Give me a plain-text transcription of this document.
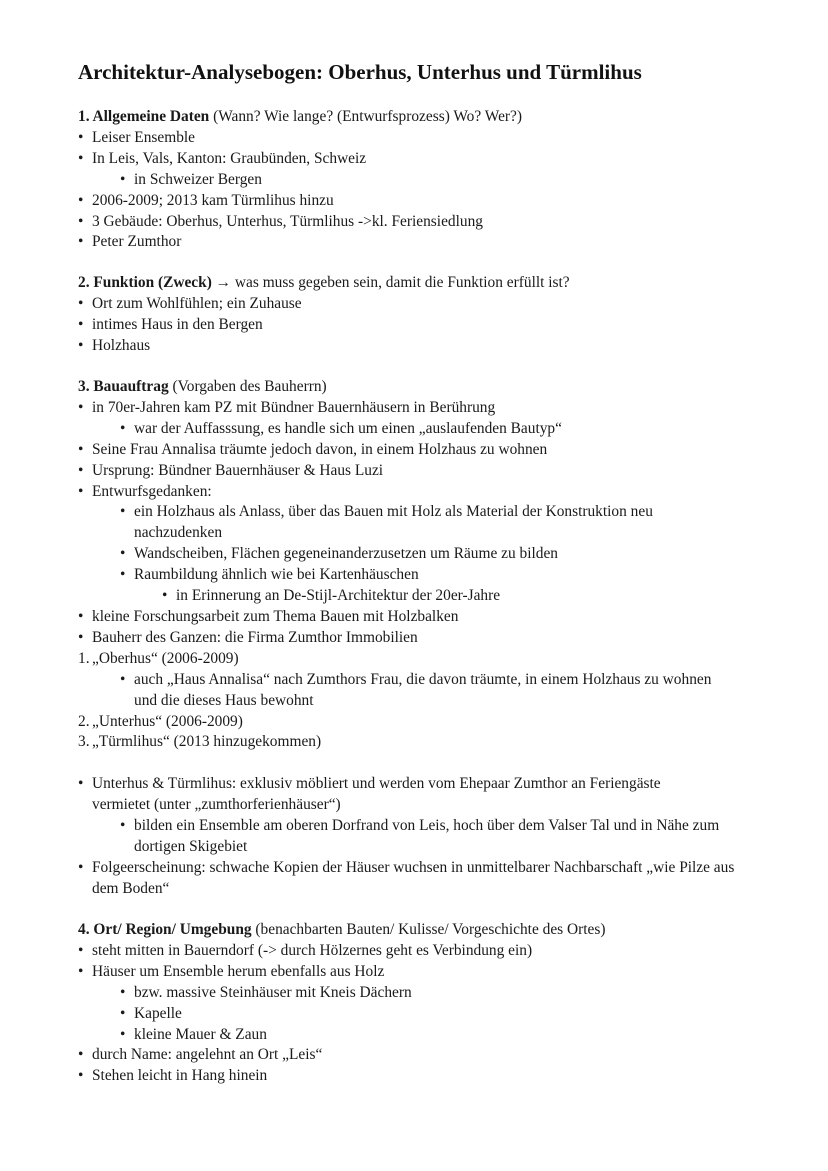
Architektur-Analysebogen: Oberhus, Unterhus und Türmlihus
1. Allgemeine Daten (Wann? Wie lange? (Entwurfsprozess) Wo? Wer?)
• Leiser Ensemble
• In Leis, Vals, Kanton: Graubünden, Schweiz
• in Schweizer Bergen
• 2006-2009; 2013 kam Türmlihus hinzu
• 3 Gebäude: Oberhus, Unterhus, Türmlihus ->kl. Feriensiedlung
• Peter Zumthor
2. Funktion (Zweck) → was muss gegeben sein, damit die Funktion erfüllt ist?
• Ort zum Wohlfühlen; ein Zuhause
• intimes Haus in den Bergen
• Holzhaus
3. Bauauftrag (Vorgaben des Bauherrn)
• in 70er-Jahren kam PZ mit Bündner Bauernhäusern in Berührung
• war der Auffasssung, es handle sich um einen „auslaufenden Bautyp“
• Seine Frau Annalisa träumte jedoch davon, in einem Holzhaus zu wohnen
• Ursprung: Bündner Bauernhäuser & Haus Luzi
• Entwurfsgedanken:
• ein Holzhaus als Anlass, über das Bauen mit Holz als Material der Konstruktion neu nachzudenken
• Wandscheiben, Flächen gegeneinanderzusetzen um Räume zu bilden
• Raumbildung ähnlich wie bei Kartenhäuschen
• in Erinnerung an De-Stijl-Architektur der 20er-Jahre
• kleine Forschungsarbeit zum Thema Bauen mit Holzbalken
• Bauherr des Ganzen: die Firma Zumthor Immobilien
1. „Oberhus“ (2006-2009)
• auch „Haus Annalisa“ nach Zumthors Frau, die davon träumte, in einem Holzhaus zu wohnen und die dieses Haus bewohnt
2. „Unterhus“ (2006-2009)
3. „Türmlihus“ (2013 hinzugekommen)
• Unterhus & Türmlihus: exklusiv möbliert und werden vom Ehepaar Zumthor an Feriengäste vermietet (unter „zumthorferienhäuser“)
• bilden ein Ensemble am oberen Dorfrand von Leis, hoch über dem Valser Tal und in Nähe zum dortigen Skigebiet
• Folgeerscheinung: schwache Kopien der Häuser wuchsen in unmittelbarer Nachbarschaft „wie Pilze aus dem Boden“
4. Ort/ Region/ Umgebung (benachbarten Bauten/ Kulisse/ Vorgeschichte des Ortes)
• steht mitten in Bauerndorf (-> durch Hölzernes geht es Verbindung ein)
• Häuser um Ensemble herum ebenfalls aus Holz
• bzw. massive Steinhäuser mit Kneis Dächern
• Kapelle
• kleine Mauer & Zaun
• durch Name: angelehnt an Ort „Leis“
• Stehen leicht in Hang hinein
